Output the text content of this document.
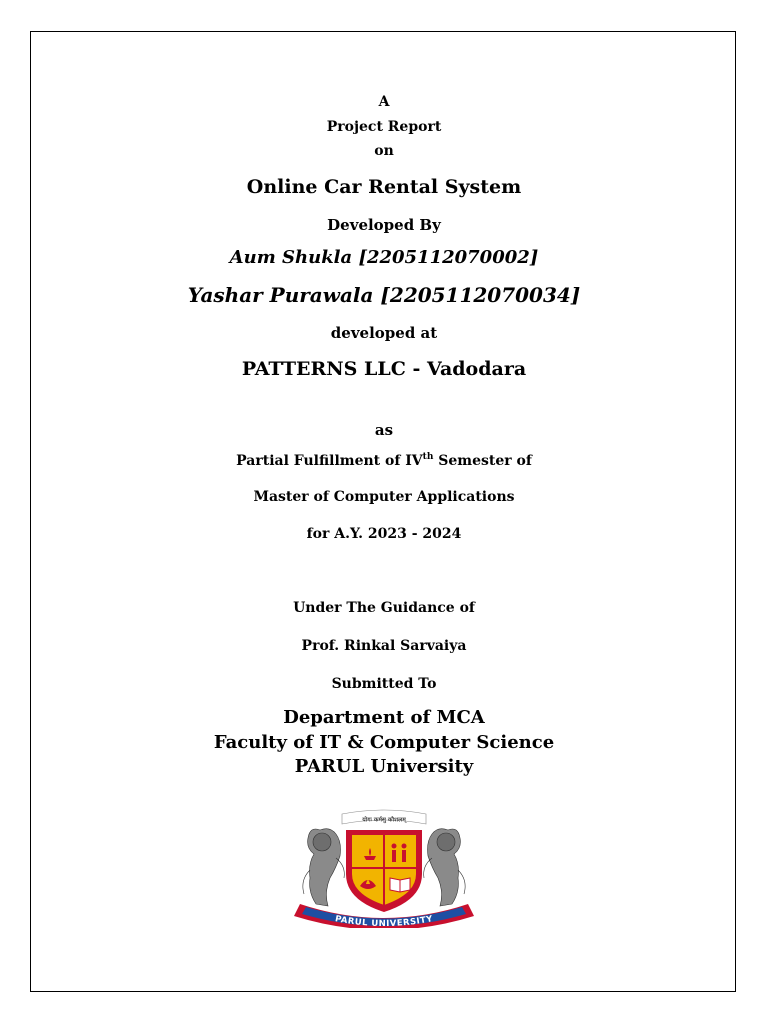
A
Project Report
on
Online Car Rental System
Developed By
Aum Shukla [2205112070002]
Yashar Purawala [2205112070034]
developed at
PATTERNS LLC - Vadodara
as
Partial Fulfillment of IVth Semester of
Master of Computer Applications
for A.Y. 2023 - 2024
Under The Guidance of
Prof. Rinkal Sarvaiya
Submitted To
Department of MCA
Faculty of IT & Computer Science
PARUL University
योगः कर्मसु कौशलम्
PARUL UNIVERSITY
